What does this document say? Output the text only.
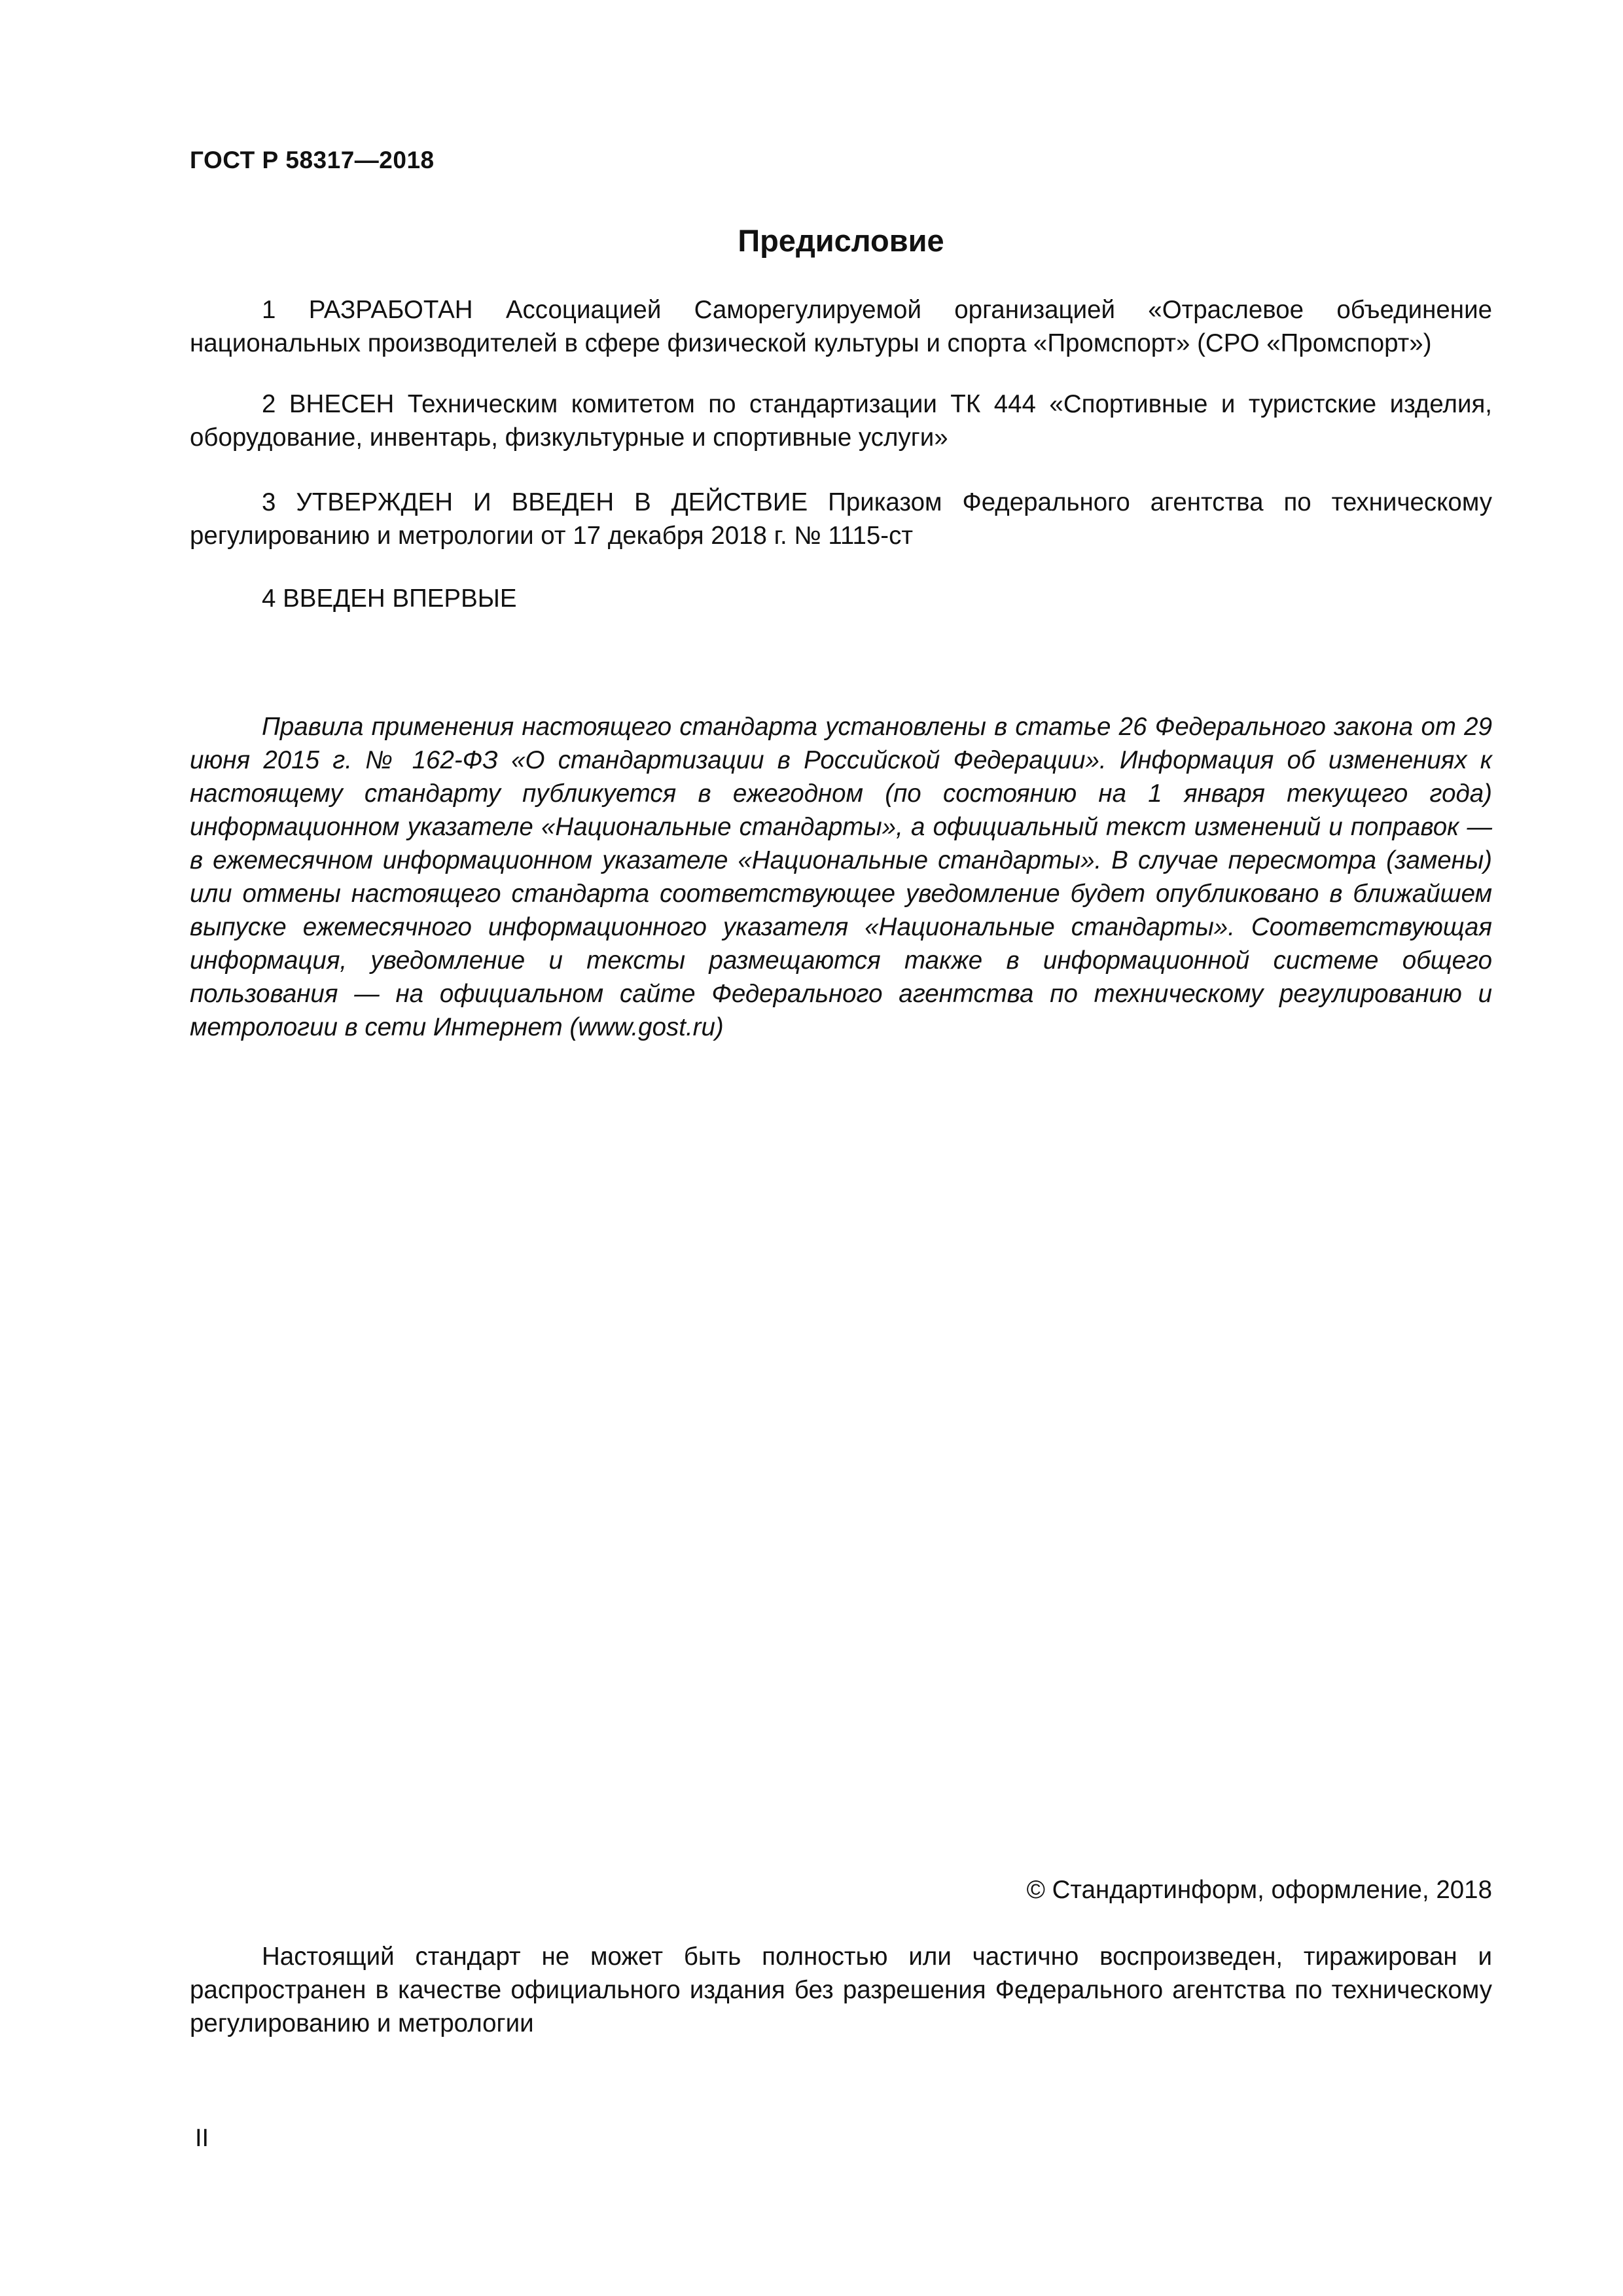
ГОСТ Р 58317—2018
Предисловие

1 РАЗРАБОТАН Ассоциацией Саморегулируемой организацией «Отраслевое объединение национальных производителей в сфере физической культуры и спорта «Промспорт» (СРО «Промспорт»)

2 ВНЕСЕН Техническим комитетом по стандартизации ТК 444 «Спортивные и туристские изделия, оборудование, инвентарь, физкультурные и спортивные услуги»

3 УТВЕРЖДЕН И ВВЕДЕН В ДЕЙСТВИЕ Приказом Федерального агентства по техническому регулированию и метрологии от 17 декабря 2018 г. № 1115-ст

4 ВВЕДЕН ВПЕРВЫЕ

Правила применения настоящего стандарта установлены в статье 26 Федерального закона от 29 июня 2015 г. № 162-ФЗ «О стандартизации в Российской Федерации». Информация об изменениях к настоящему стандарту публикуется в ежегодном (по состоянию на 1 января текущего года) информационном указателе «Национальные стандарты», а официальный текст изменений и поправок — в ежемесячном информационном указателе «Национальные стандарты». В случае пересмотра (замены) или отмены настоящего стандарта соответствующее уведомление будет опубликовано в ближайшем выпуске ежемесячного информационного указателя «Национальные стандарты». Соответствующая информация, уведомление и тексты размещаются также в информационной системе общего пользования — на официальном сайте Федерального агентства по техническому регулированию и метрологии в сети Интернет (www.gost.ru)

© Стандартинформ, оформление, 2018

Настоящий стандарт не может быть полностью или частично воспроизведен, тиражирован и распространен в качестве официального издания без разрешения Федерального агентства по техническому регулированию и метрологии

II
